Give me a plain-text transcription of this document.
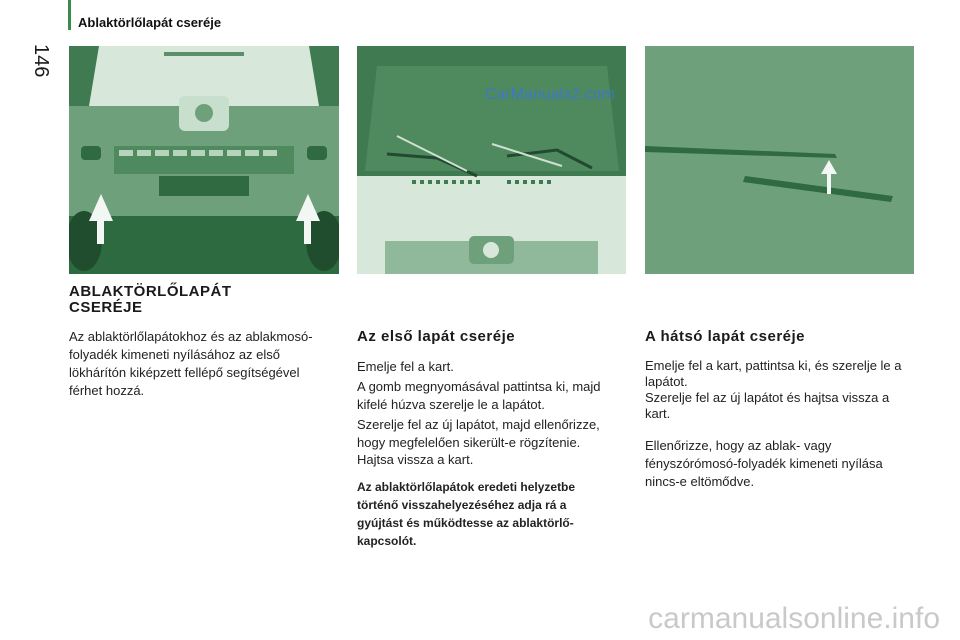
146
Ablaktörlőlapát cseréje
CarManuals2.com
ABLAKTÖRLŐLAPÁT CSERÉJE

Az ablaktörlőlapátokhoz és az ablakmosó-folyadék kimeneti nyílásához az első lökhárítón kiképzett fellépő segítségével férhet hozzá.

Az első lapát cseréje

Emelje fel a kart.

A gomb megnyomásával pattintsa ki, majd kifelé húzva szerelje le a lapátot.

Szerelje fel az új lapátot, majd ellenőrizze, hogy megfelelően sikerült-e rögzítenie.

Hajtsa vissza a kart.

Az ablaktörlőlapátok eredeti helyzetbe történő visszahelyezéséhez adja rá a gyújtást és működtesse az ablaktörlő-kapcsolót.

A hátsó lapát cseréje

Emelje fel a kart, pattintsa ki, és szerelje le a lapátot.

Szerelje fel az új lapátot és hajtsa vissza a kart.

Ellenőrizze, hogy az ablak- vagy fényszórómosó-folyadék kimeneti nyílása nincs-e eltömődve.

carmanualsonline.info
